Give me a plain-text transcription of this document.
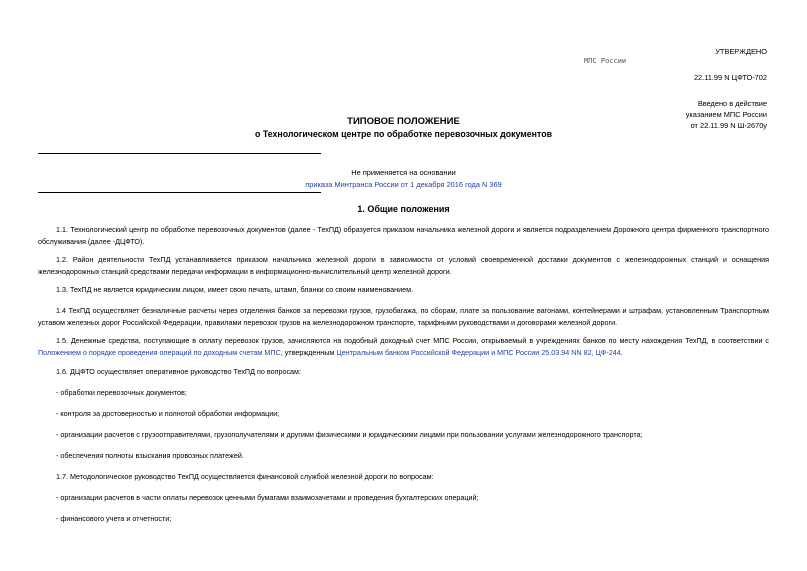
УТВЕРЖДЕНО
22.11.99 N ЦФТО-702
Введено в действие
указанием МПС России
от 22.11.99 N Ш-2670у
МПС России
ТИПОВОЕ ПОЛОЖЕНИЕ
о Технологическом центре по обработке перевозочных документов
Не применяется на основании
приказа Минтранса России от 1 декабря 2016 года N 369
1. Общие положения
1.1. Технологический центр по обработке перевозочных документов (далее - ТехПД) образуется приказом начальника железной дороги и является подразделением Дорожного центра фирменного транспортного обслуживания (далее -ДЦФТО).
1.2. Район деятельности ТехПД устанавливается приказом начальника железной дороги в зависимости от условий своевременной доставки документов с железнодорожных станций и оснащения железнодорожных станций средствами передачи информации в информационно-вычислительный центр железной дороги.
1.3. ТехПД не является юридическим лицом, имеет свою печать, штамп, бланки со своим наименованием.
1.4 ТехПД осуществляет безналичные расчеты через отделения банков за перевозки грузов, грузобагажа, по сборам, плате за пользование вагонами, контейнерами и штрафам, установленным Транспортным уставом железных дорог Российской Федерации, правилами перевозок грузов на железнодорожном транспорте, тарифными руководствами и договорами железной дороги.
1.5. Денежные средства, поступающие в оплату перевозок грузов, зачисляются на подобный доходный счет МПС России, открываемый в учреждениях банков по месту нахождения ТехПД, в соответствии с Положением о порядке проведения операций по доходным счетам МПС, утвержденным Центральным банком Российской Федерации и МПС России 25.03.94 NN 82, ЦФ-244.
1.6. ДЦФТО осуществляет оперативное руководство ТехПД по вопросам:
- обработки перевозочных документов;
- контроля за достоверностью и полнотой обработки информации;
- организации расчетов с грузоотправителями, грузополучателями и другими физическими и юридическими лицами при пользовании услугами железнодорожного транспорта;
- обеспечения полноты взыскания провозных платежей.
1.7. Методологическое руководство ТехПД осуществляется финансовой службой железной дороги по вопросам:
- организации расчетов в части оплаты перевозок ценными бумагами взаимозачетами и проведения бухгалтерских операций;
- финансового учета и отчетности;
